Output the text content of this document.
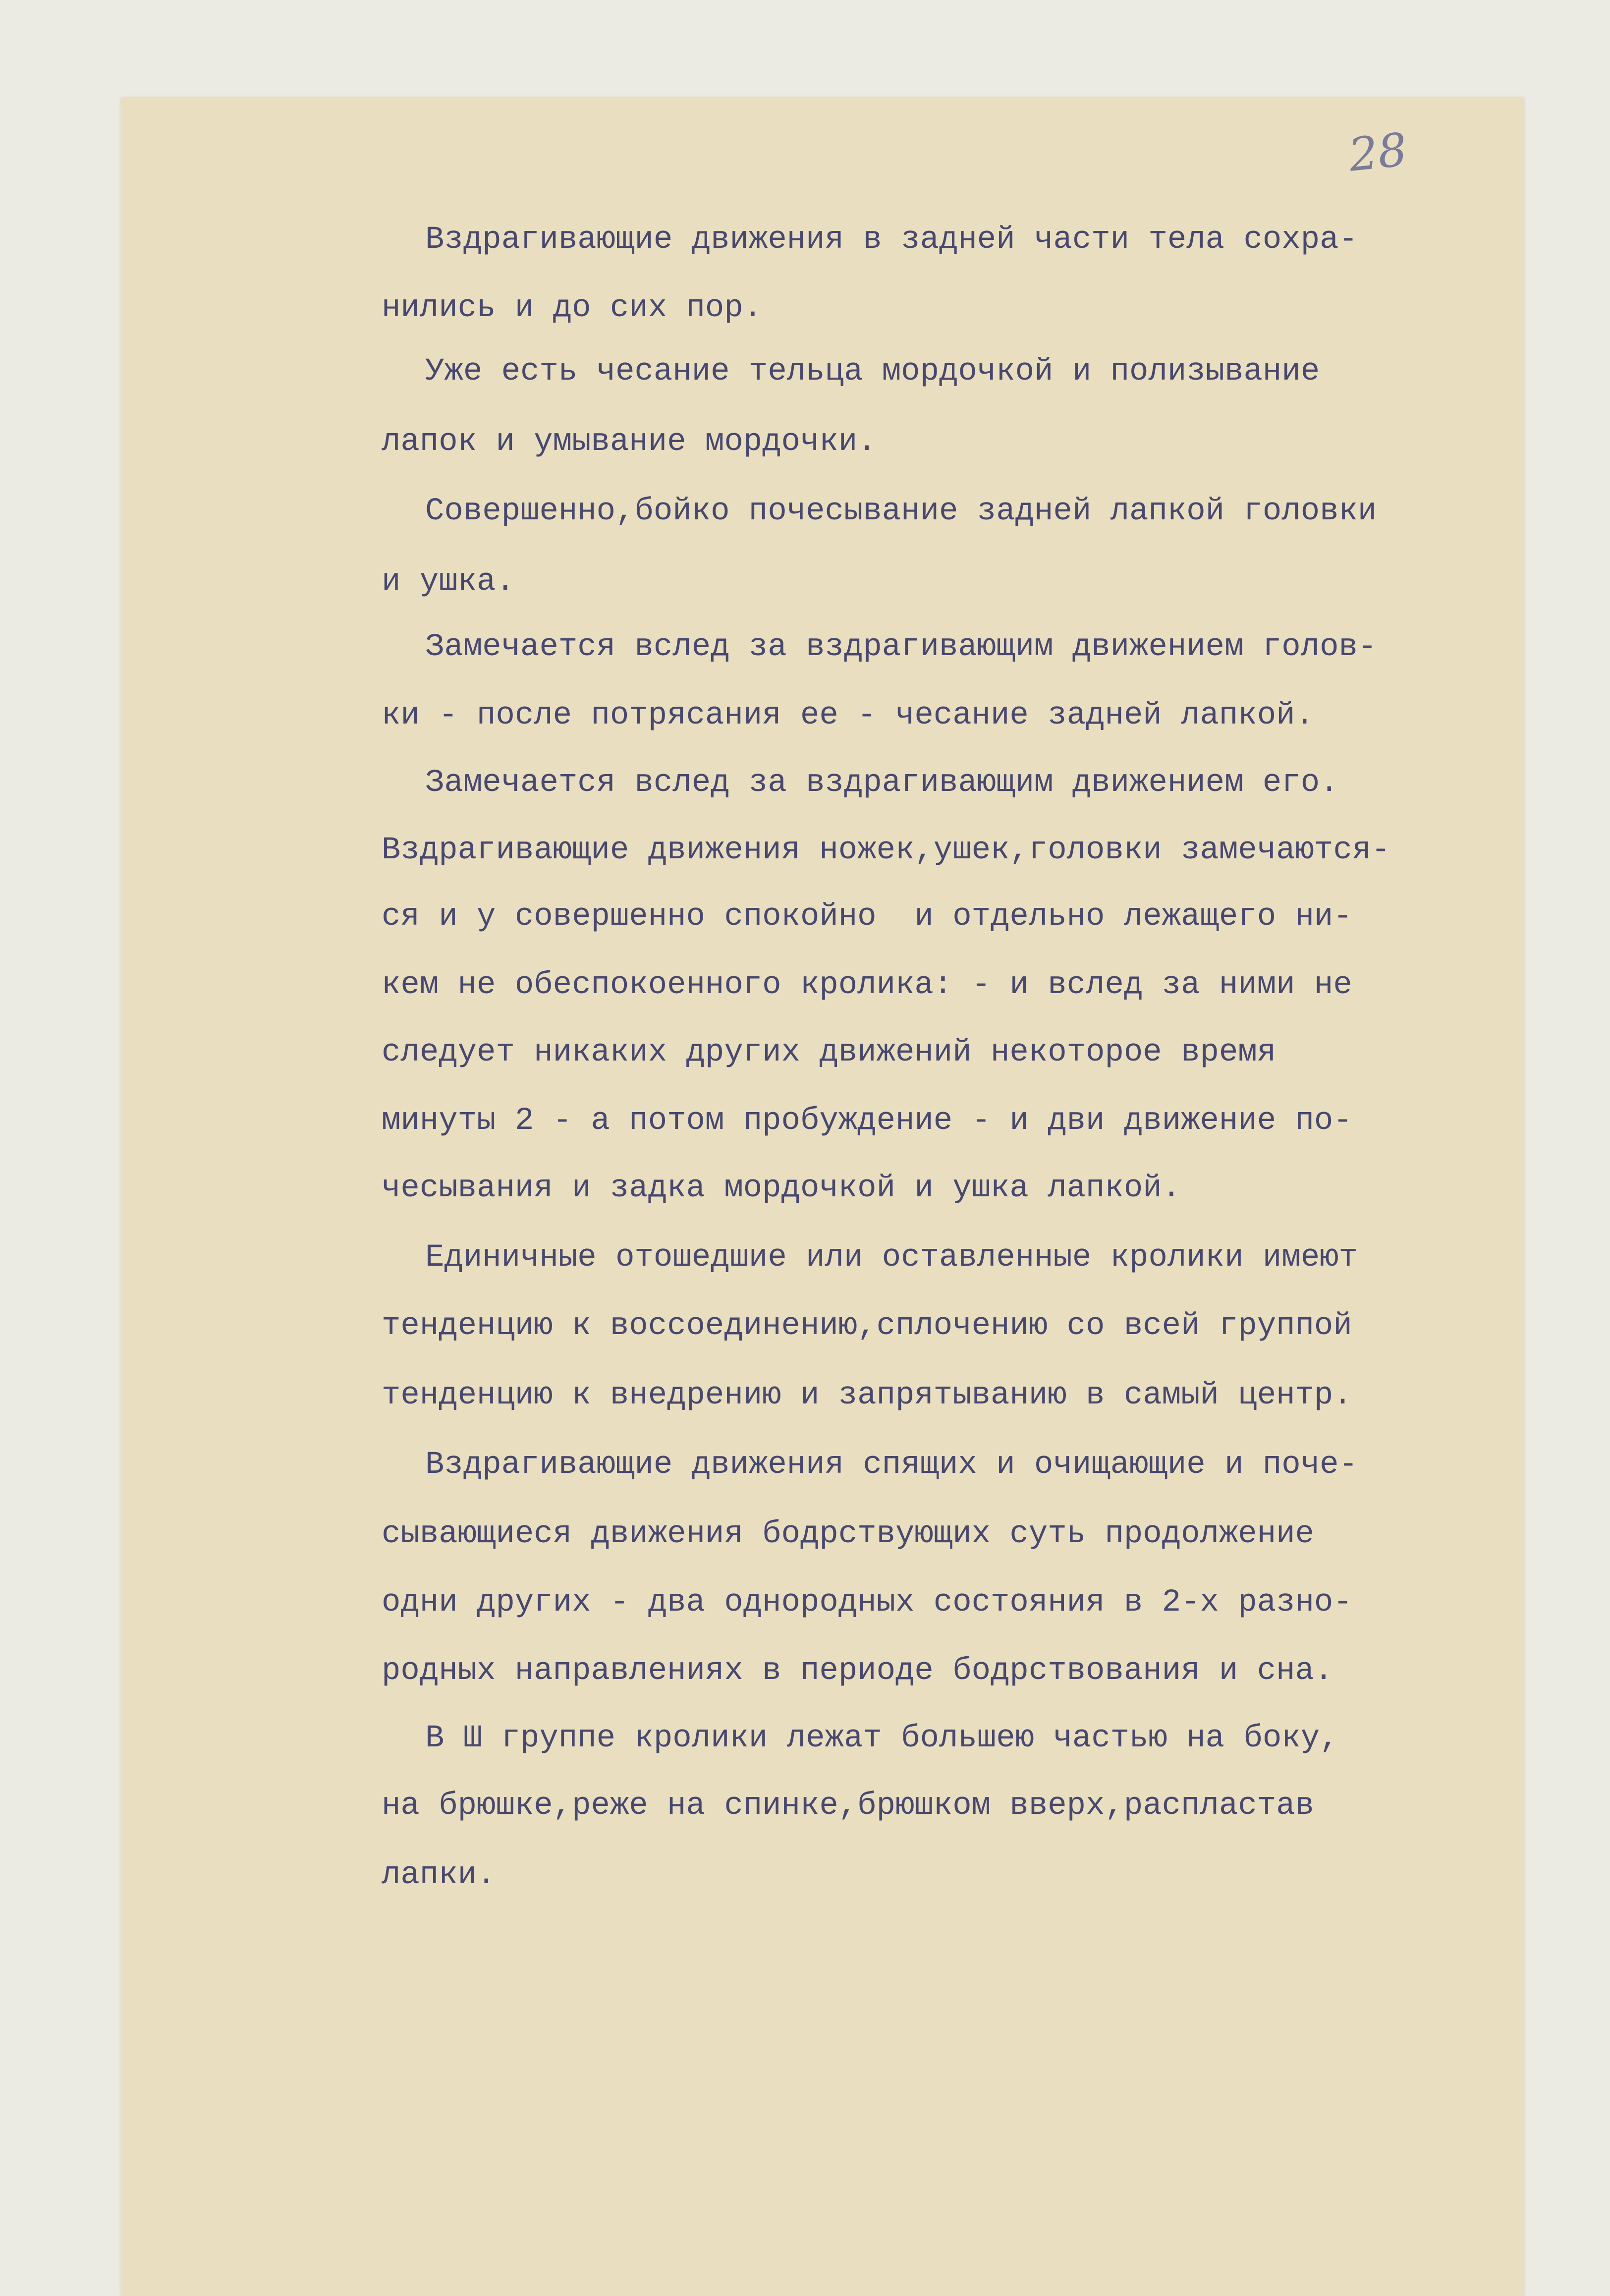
28

Вздрагивающие движения в задней части тела сохра-

нились и до сих пор.

Уже есть чесание тельца мордочкой и полизывание

лапок и умывание мордочки.

Совершенно,бойко почесывание задней лапкой головки

и ушка.

Замечается вслед за вздрагивающим движением голов-

ки - после потрясания ее - чесание задней лапкой.

Замечается вслед за вздрагивающим движением его.

Вздрагивающие движения ножек,ушек,головки замечаются-

ся и у совершенно спокойно  и отдельно лежащего ни-

кем не обеспокоенного кролика: - и вслед за ними не

следует никаких других движений некоторое время

минуты 2 - а потом пробуждение - и дви движение по-

чесывания и задка мордочкой и ушка лапкой.

Единичные отошедшие или оставленные кролики имеют

тенденцию к воссоединению,сплочению со всей группой

тенденцию к внедрению и запрятыванию в самый центр.

Вздрагивающие движения спящих и очищающие и поче-

сывающиеся движения бодрствующих суть продолжение

одни других - два однородных состояния в 2-х разно-

родных направлениях в периоде бодрствования и сна.

В Ш группе кролики лежат большею частью на боку,

на брюшке,реже на спинке,брюшком вверх,распластав

лапки.
